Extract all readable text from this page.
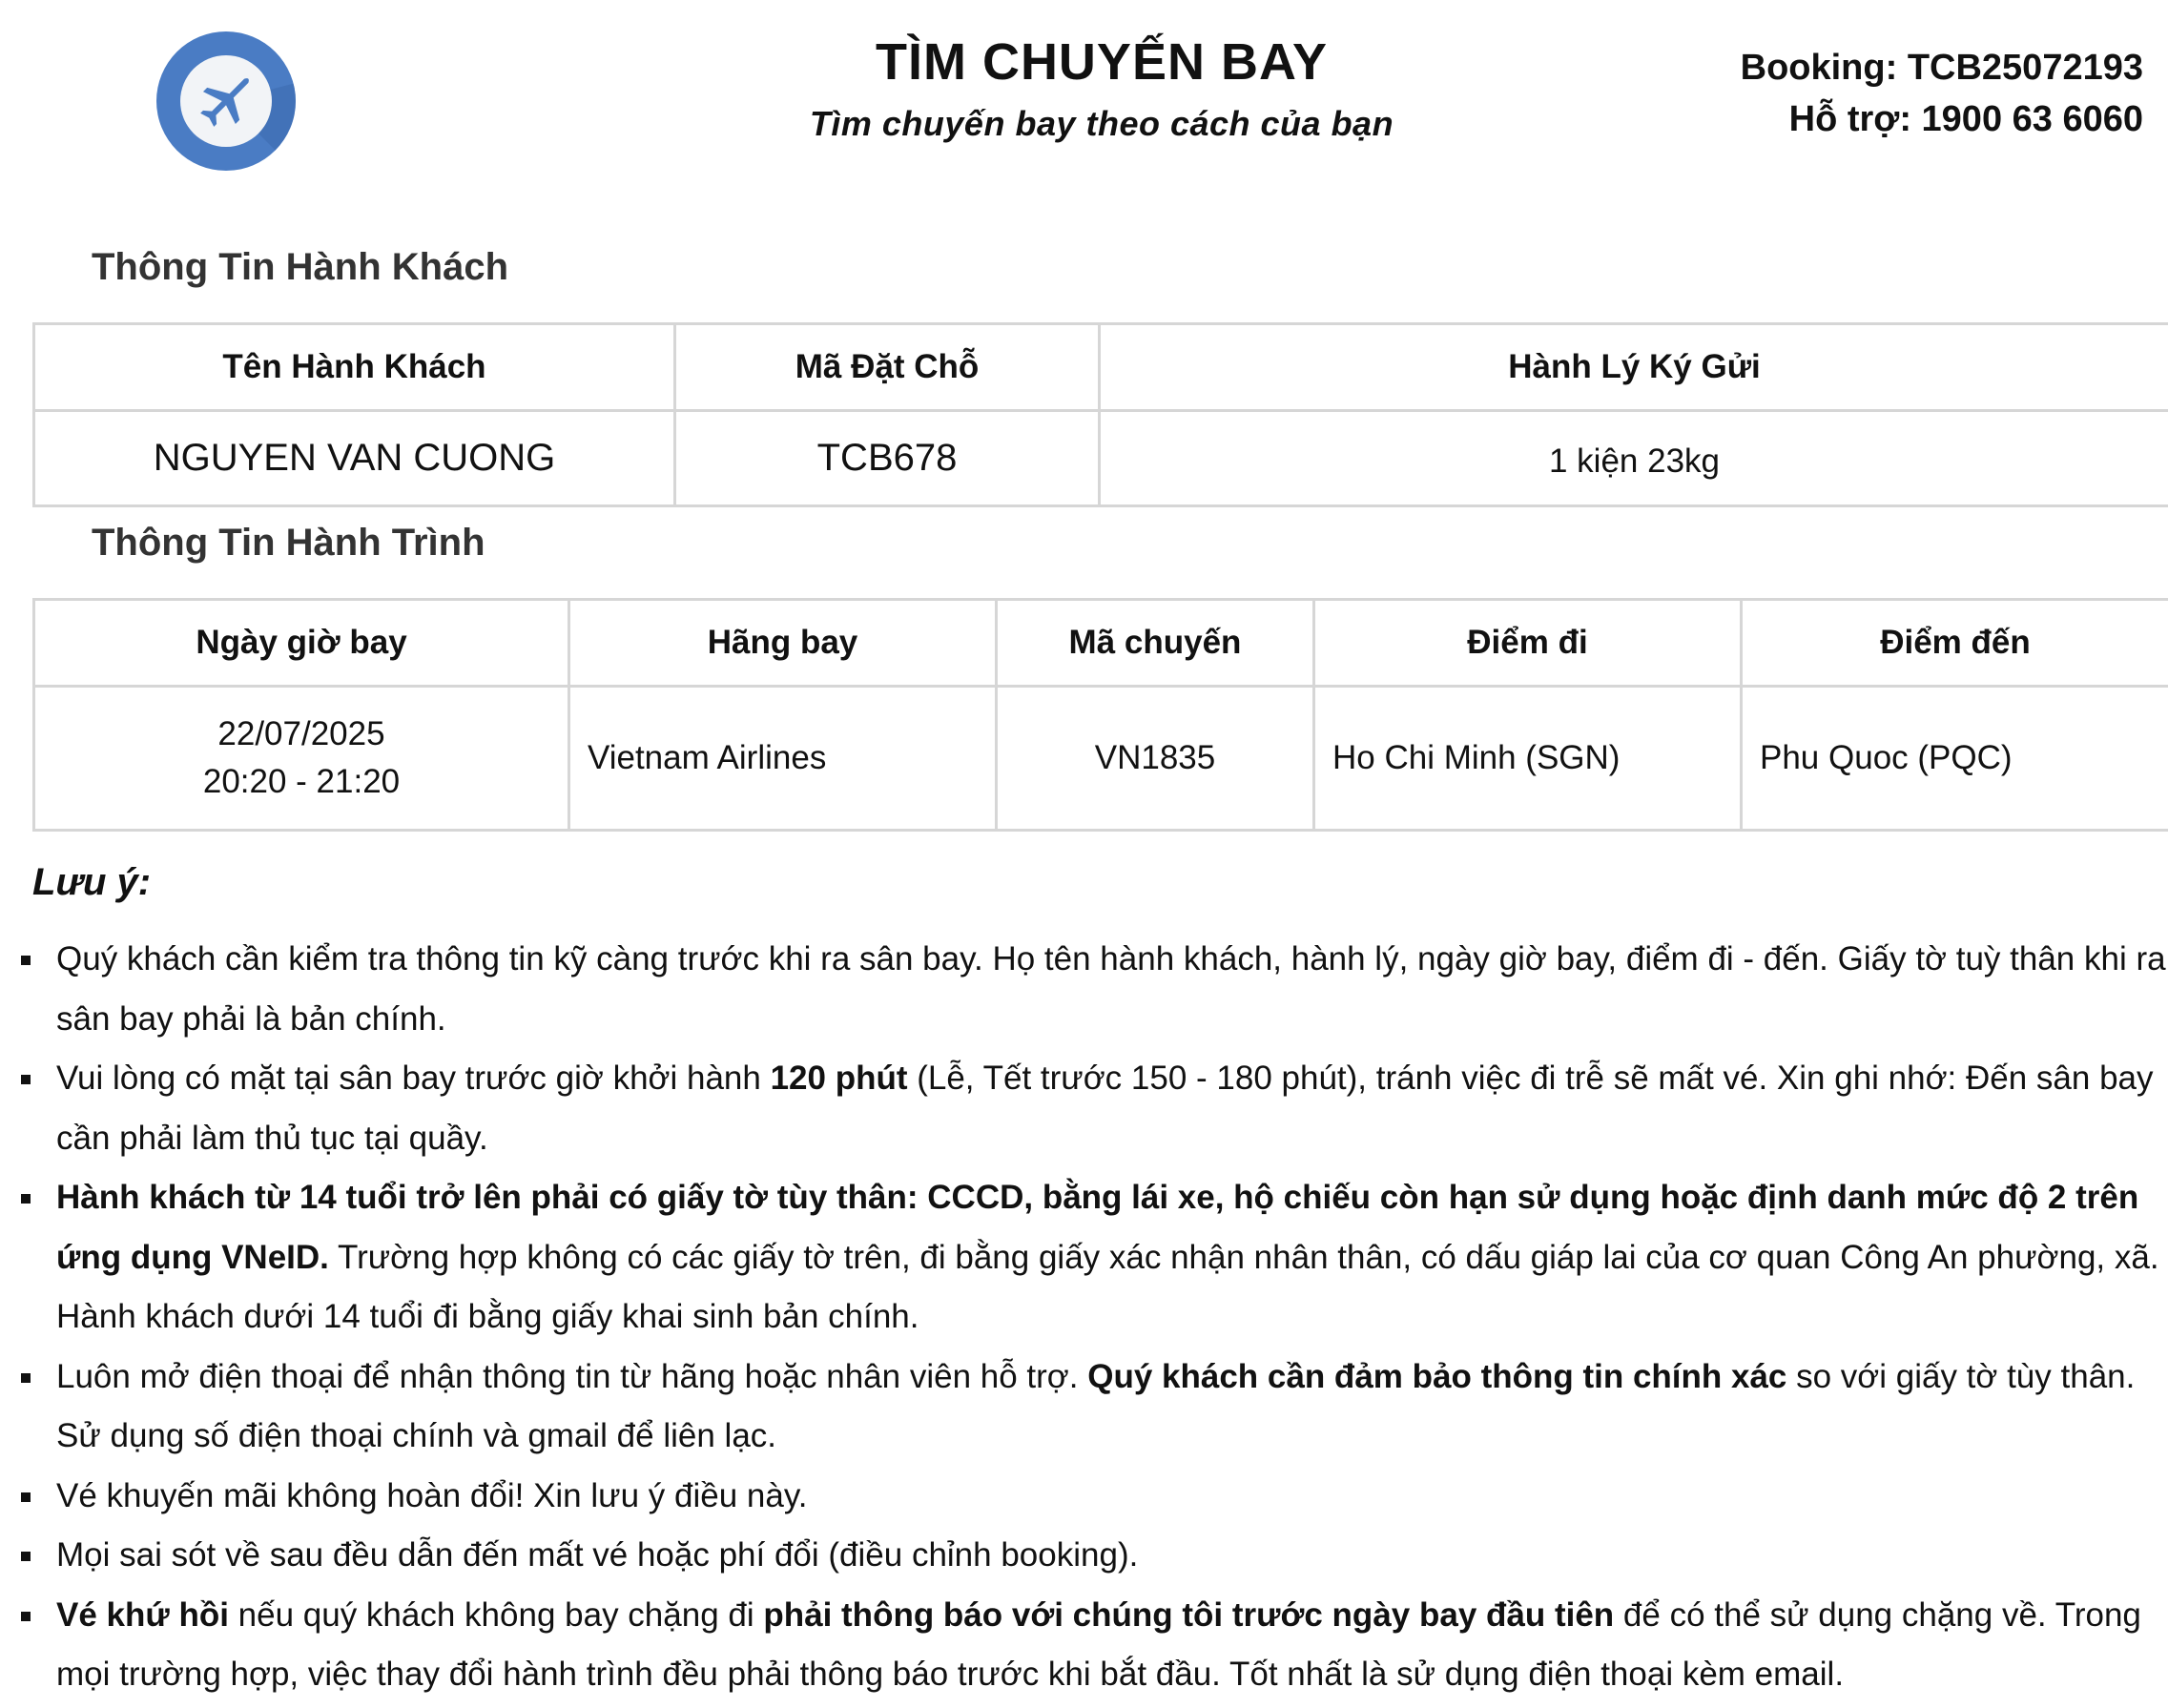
TÌM CHUYẾN BAY
Tìm chuyến bay theo cách của bạn
Booking: TCB25072193
Hỗ trợ: 1900 63 6060
Thông Tin Hành Khách
Tên Hành Khách	Mã Đặt Chỗ	Hành Lý Ký Gửi
NGUYEN VAN CUONG	TCB678	1 kiện 23kg
Thông Tin Hành Trình
Ngày giờ bay	Hãng bay	Mã chuyến	Điểm đi	Điểm đến

22/07/2025
20:20 - 21:20	Vietnam Airlines	VN1835	Ho Chi Minh (SGN)	Phu Quoc (PQC)
Lưu ý:
Quý khách cần kiểm tra thông tin kỹ càng trước khi ra sân bay. Họ tên hành khách, hành lý, ngày giờ bay, điểm đi - đến. Giấy tờ tuỳ thân khi ra sân bay phải là bản chính.
Vui lòng có mặt tại sân bay trước giờ khởi hành 120 phút (Lễ, Tết trước 150 - 180 phút), tránh việc đi trễ sẽ mất vé. Xin ghi nhớ: Đến sân bay cần phải làm thủ tục tại quầy.
Hành khách từ 14 tuổi trở lên phải có giấy tờ tùy thân: CCCD, bằng lái xe, hộ chiếu còn hạn sử dụng hoặc định danh mức độ 2 trên ứng dụng VNeID. Trường hợp không có các giấy tờ trên, đi bằng giấy xác nhận nhân thân, có dấu giáp lai của cơ quan Công An phường, xã. Hành khách dưới 14 tuổi đi bằng giấy khai sinh bản chính.
Luôn mở điện thoại để nhận thông tin từ hãng hoặc nhân viên hỗ trợ. Quý khách cần đảm bảo thông tin chính xác so với giấy tờ tùy thân. Sử dụng số điện thoại chính và gmail để liên lạc.
Vé khuyến mãi không hoàn đổi! Xin lưu ý điều này.
Mọi sai sót về sau đều dẫn đến mất vé hoặc phí đổi (điều chỉnh booking).
Vé khứ hồi nếu quý khách không bay chặng đi phải thông báo với chúng tôi trước ngày bay đầu tiên để có thể sử dụng chặng về. Trong mọi trường hợp, việc thay đổi hành trình đều phải thông báo trước khi bắt đầu. Tốt nhất là sử dụng điện thoại kèm email.
